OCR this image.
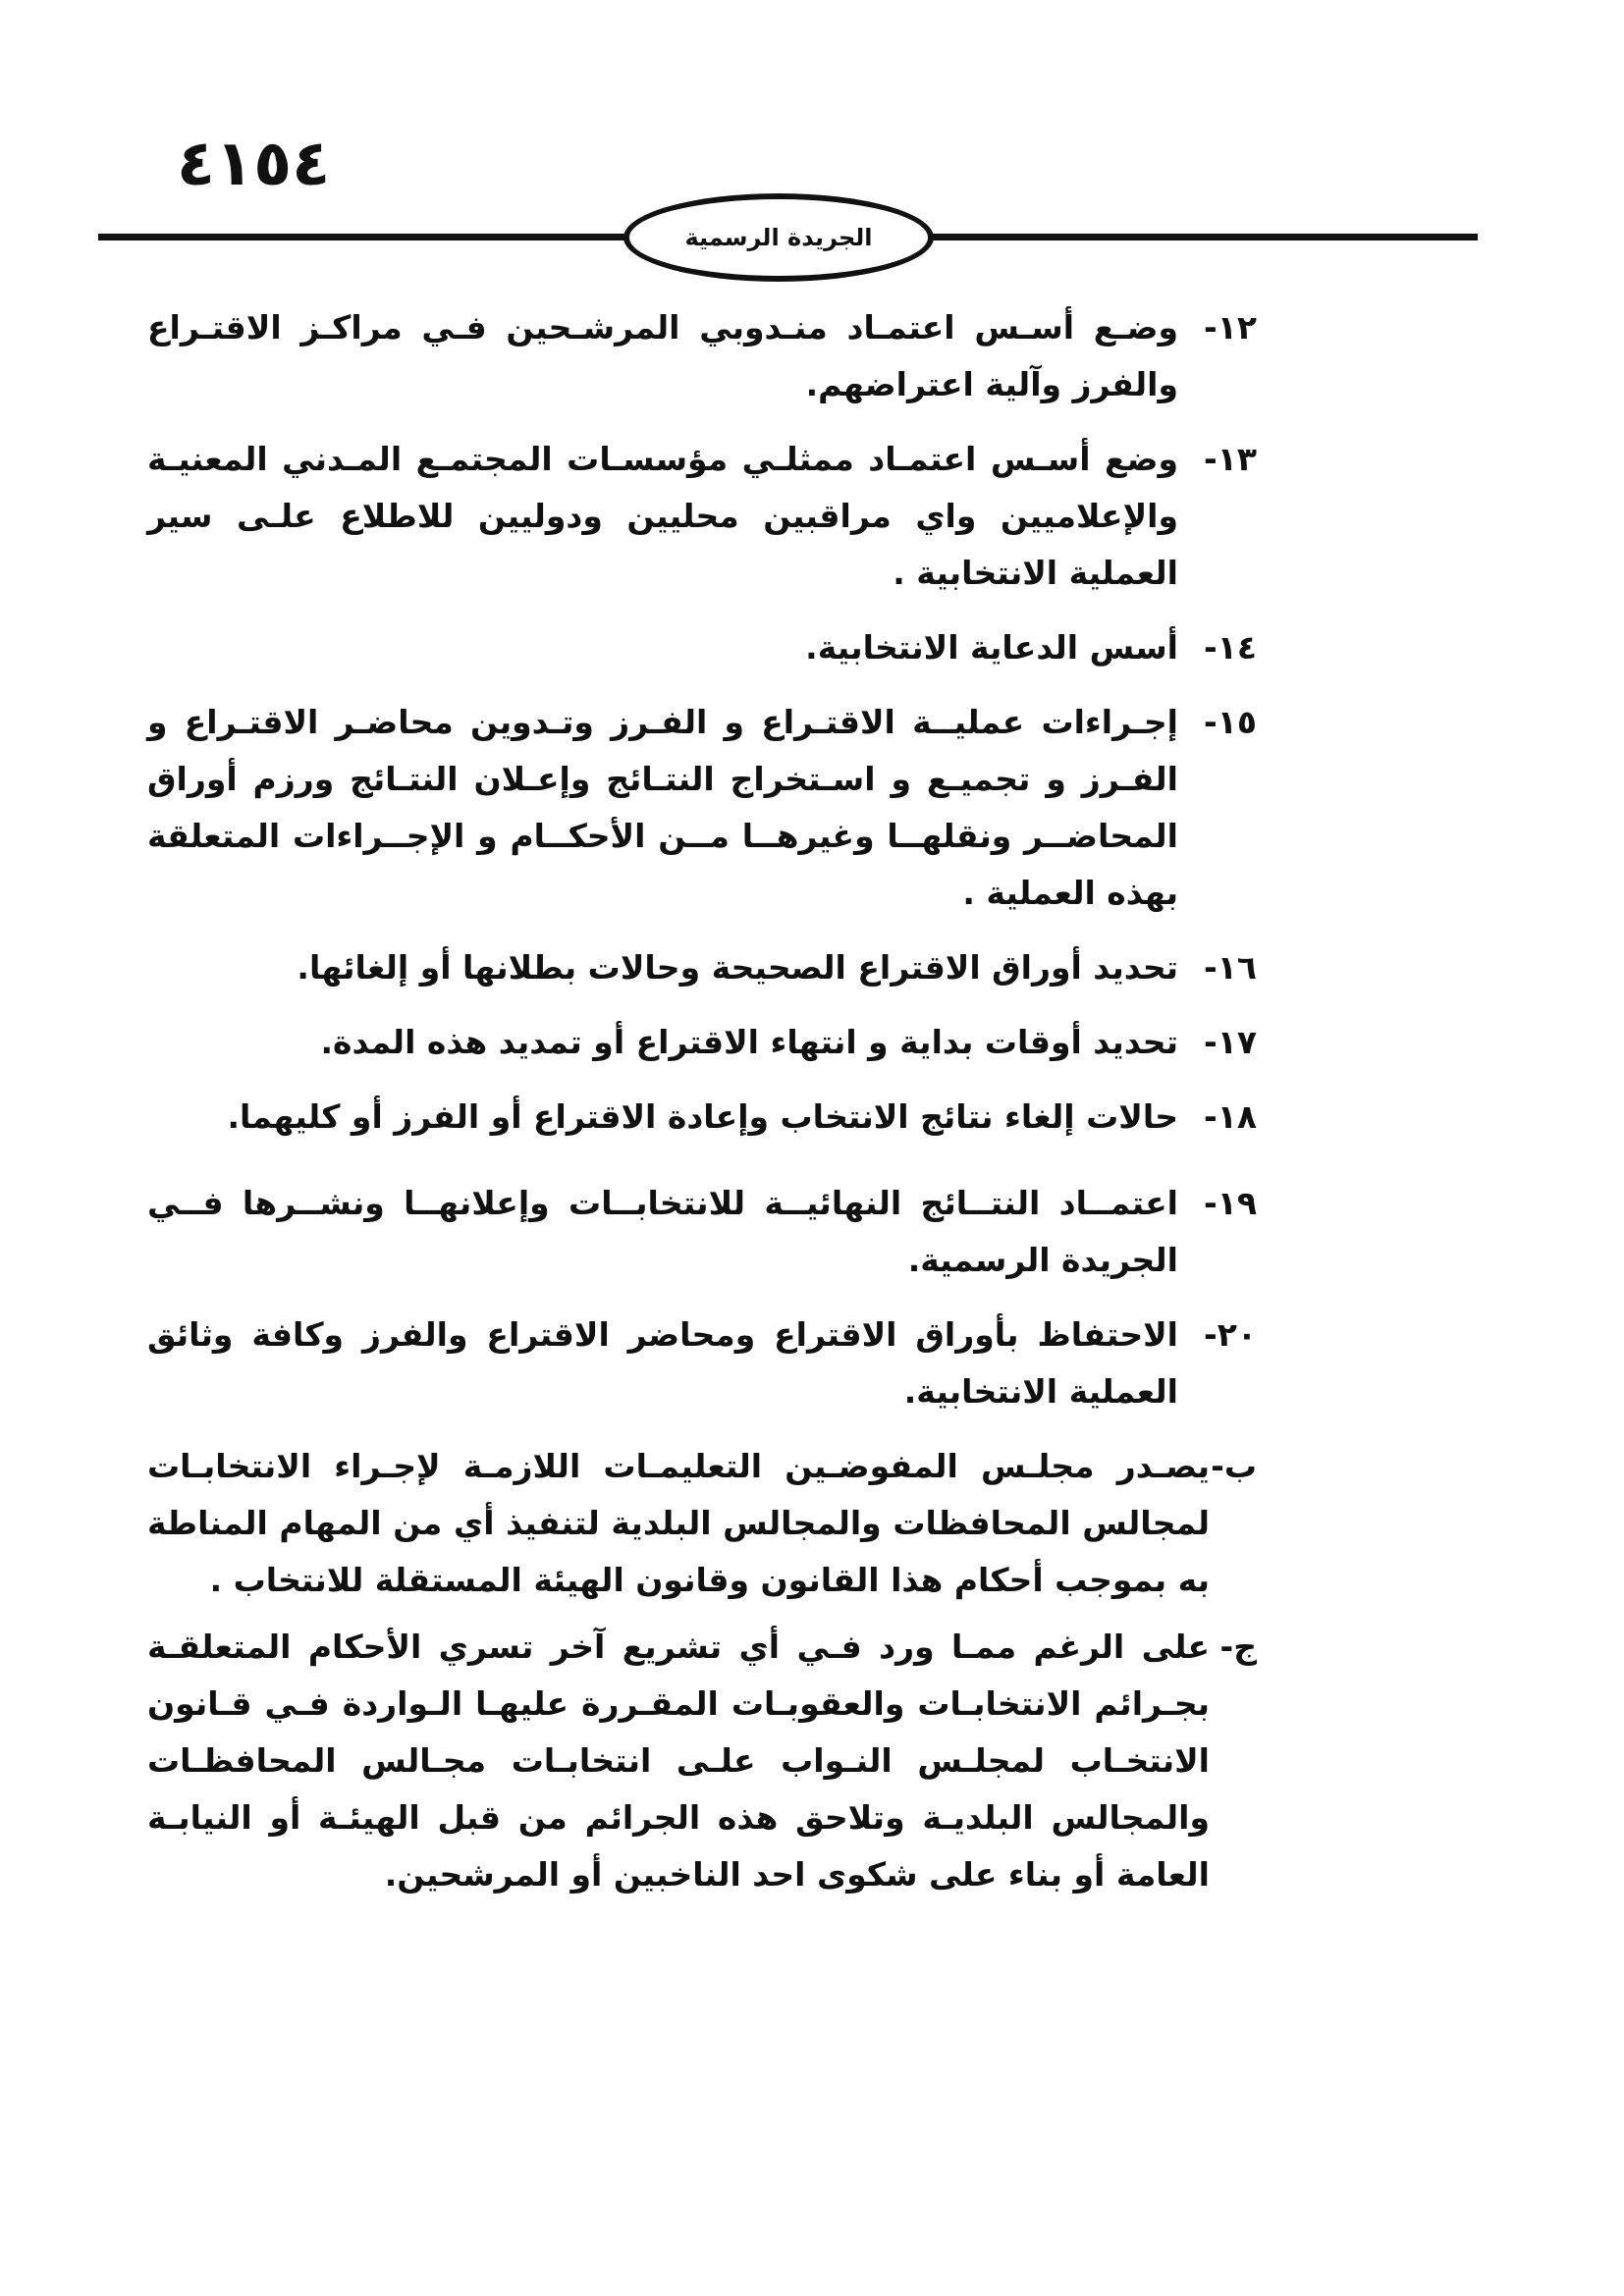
٤١٥٤
الجريدة الرسمية
١٢-
وضـع أسـس اعتمـاد منـدوبي المرشـحين فـي مراكـز الاقتـراع والفرز وآلية اعتراضهم.
١٣-
وضع أسـس اعتمـاد ممثلـي مؤسسـات المجتمـع المـدني المعنيـة والإعلاميين واي مراقبين محليين ودوليين للاطلاع علـى سير العملية الانتخابية .
١٤-
أسس الدعاية الانتخابية.
١٥-
إجـراءات عمليــة الاقتـراع و الفـرز وتـدوين محاضـر الاقتـراع و الفـرز و تجميـع و اسـتخراج النتـائج وإعـلان النتـائج ورزم أوراق المحاضــر ونقلهــا وغيرهــا مــن الأحكــام و الإجــراءات المتعلقة بهذه العملية .
١٦-
تحديد أوراق الاقتراع الصحيحة وحالات بطلانها أو إلغائها.
١٧-
تحديد أوقات بداية و انتهاء الاقتراع أو تمديد هذه المدة.
١٨-
حالات إلغاء نتائج الانتخاب وإعادة الاقتراع أو الفرز أو كليهما.
١٩-
اعتمــاد النتــائج النهائيــة للانتخابــات وإعلانهــا ونشــرها فــي الجريدة الرسمية.
٢٠-
الاحتفاظ بأوراق الاقتراع ومحاضر الاقتراع والفرز وكافة وثائق العملية الانتخابية.
ب-
يصـدر مجلـس المفوضـين التعليمـات اللازمـة لإجـراء الانتخابـات لمجالس المحافظات والمجالس البلدية لتنفيذ أي من المهام المناطة به بموجب أحكام هذا القانون وقانون الهيئة المستقلة للانتخاب .
ج-
على الرغم ممـا ورد فـي أي تشريع آخر تسري الأحكام المتعلقـة بجـرائم الانتخابـات والعقوبـات المقـررة عليهـا الـواردة فـي قـانون الانتخـاب لمجلـس النـواب علـى انتخابـات مجـالس المحافظـات والمجالس البلديـة وتلاحق هذه الجرائم من قبل الهيئـة أو النيابـة العامة أو بناء على شكوى احد الناخبين أو المرشحين.
